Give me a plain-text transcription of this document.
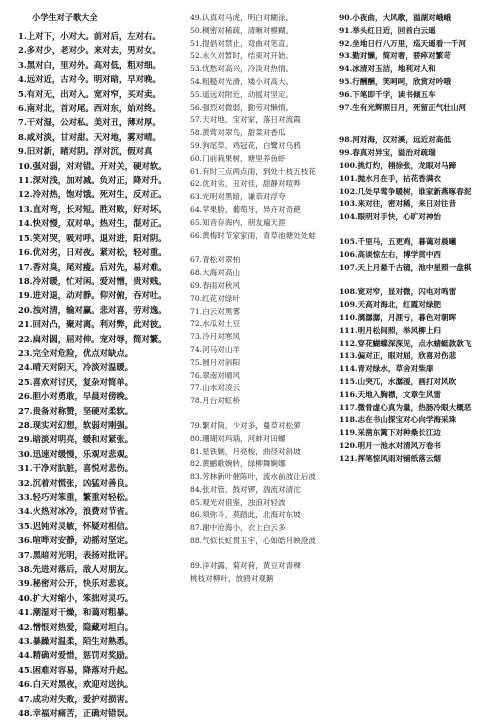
小学生对子歌大全
1.上对下，小对大。前对后，左对右。
2.多对少，老对少。来对去，男对女。
3.黑对白，里对外。高对低，粗对细。
4.远对近，古对今。明对暗，早对晚。
5.有对无，出对入。宽对窄，买对卖。
6.南对北，首对尾。西对东，始对终。
7.干对湿，公对私。美对丑，薄对厚。
8.咸对淡，甘对甜。天对地，雾对晴。
9.旧对新，睹对阴。浮对沉，假对真
10.强对弱，对对错。开对关，硬对软。
11.深对浅，加对减。负对正，降对升。
12.冷对热，饱对饿。死对生，反对正。
13.直对弯，长对短。胜对败，好对坏。
14.快对慢，双对单。热对生，混对正。
15.笑对哭，吸对呼。退对进，阳对阴。
16.优对劣，日对夜。紧对松，轻对重。
17.香对臭，尾对瘦。后对先，易对难。
18.冷对暖，忙对闲。爱对憎，贵对贱。
19.进对退，动对静。仰对俯，吞对吐。
20.浊对清，输对赢。悲对喜，劳对逸。
21.回对凸，聚对离。利对弊，此对彼。
22.扁对圆，屈对伸。宠对辱，简对繁。
23.完全对危险，优点对缺点。
24.晴天对阴天，冷淡对温暖。
25.喜欢对讨厌，复杂对简单。
26.胆小对勇敢，早晨对傍晚。
27.贵备对称赞，坚硬对柔软。
28.现实对幻想，软弱对刚强。
29.暗淡对明亮，缓和对紧张。
30.迅速对缓慢，乐观对悲观。
31.干净对肮脏，喜悦对悲伤。
32.沉着对慌张，凶猛对善良。
33.轻巧对笨重，繁重对轻松。
34.火热对冰冷，浪费对节省。
35.迟钝对灵敏，怀疑对相信。
36.喧哗对安静，动摇对坚定。
37.黑暗对光明，表扬对批评。
38.先进对落后，敌人对朋友。
39.秘密对公开，快乐对悲哀。
40.扩大对缩小，笨拙对灵巧。
41.潮湿对干燥，和蔼对粗暴。
42.憎恨对热爱，隐藏对坦白。
43.暴躁对温柔，陌生对熟悉。
44.精确对爱惜，惩罚对奖励。
45.困难对容易，降落对升起。
46.白天对黑夜，欢迎对送执。
47.成功对失败，爱护对损害。
48.幸福对痛苦，正确对错误。
49.认真对马虎，明白对糊涂。
50.稠密对稀疏，清晰对模糊。
51.提倡对禁止，弯曲对笔直。
52.永久对暂时，结束对开始。
53.忧愁对高兴，冷淡对热情。
54.粗糙对光滑，矮小对高大。
55.遥远对附近，动摇对坚定。
56.强烈对微弱，勤劳对懒惰。
57.天对地，宝对家，落日对流霞
58.黄莺对翠鸟，甜菜对香瓜
59.狗尾草，鸡冠花，白鹭对乌鸦
60.门前栽果树，塘里养鱼虾
61.有时三点两点雨，到处十枝五枝花
62.优对劣，丑对佳，甜静对喧哗
63.光明对黑暗，谦恭对浮夸
64.苹果脸，葡萄牙，异卉对奇葩
65.知音存海内，朋友遍天涯
66.黄梅时节家家雨，青草池塘处处蛙
67.青松对翠柏
68.大海对高山
69.春雨对秋风
70.红花对绿叶
71.白云对黑雾
72.水瓜对土豆
73.冷月对寒风
74.河马对山羊
75.圆月对斜阳
76.翠南对晴风
77.山水对凌云
78.月台对虹桥
79.繁对简，少对多，蔓草对松萝
80.珊瑚对玛瑙，河蚌对田螺
81.星铁剿，月亮梭，曲径对斜坡
82.黄鹂歌婉转，绿柳舞婀娜
83.芳林新叶催陈叶，流水前波让后波
84.张对管，鼓对锣，湍流对清沱
85.观光对借鉴，浊浪对轻波
86.须弥斗，莫踏此，北海对东坡
87.谢中沧海小，衣上白云多
88.气似长虹贯玉宇，心如皓月映澄波
89.洋对露，菊对荷，黄豆对青稞
桃枝对柳叶，放鸥对观鹅
90.小夜曲，大风歌，溢湖对峨峨
91.举头红日近，回首白云遥
92.坐地日行八万里，巡天遥看一千河
93.勤对懒，简对奢，骄瘁对繁苛
94.冰清对玉洁，地利对人和
95.行酬酬，笑呵呵，欣赏对吟哦
96.下笔即千字，读书倾五车
97.生有光辉照日月，死留正气壮山河
98.河对海，汉对溪，远近对高低
99.春真对异宝，溢治对疏瑞
100.挑灯灼，栩徐张，龙眼对马蹄
101.抛水月在手，拈花香满衣
102.几处早莺争暖树，谁家新燕啄春泥
103.来对往，密对稀，来日对往昔
104.眼明对手快，心旷对神怡
105.千里马，五更鸡，暮蔼对晨曦
106.高谈惊左右，博学贯中西
107.天上月悬千古镜，池中星照一盘棋
108.宽对窄，显对微，闪电对鸣雷
109.天高对海北，红霞对绿肥
110.漓潺潺，月涯亏，暮色对朝晖
111.明月松间照，举风柳上归
112.穿花蝴蝶深深见，点水蜻蜓款款飞
113.偏对正，眼对屈，欣喜对伤悲
114.青对绿水，草舍对柴扉
115.山突兀，水潺湲，画打对风吹
116.天地入胸襟，文章生风雷
117.微骨虚心真为量，热肠冷眼大概恶
118.志在书山探宝对心向学海采珠
119.采凿东篱下对种桑长江边
120.明月一池水对清风万卷书
121.挥笔惊风雨对铺纸落云烟
